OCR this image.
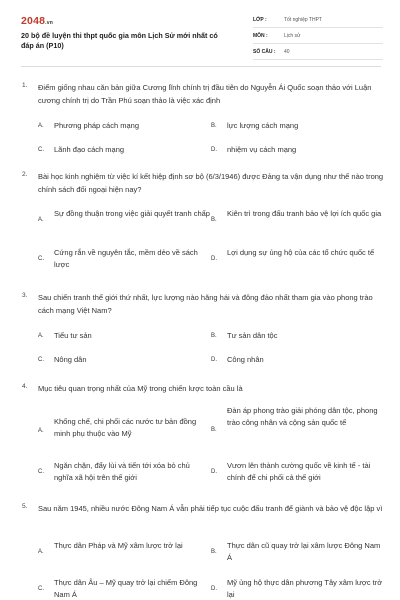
2048.vn
20 bộ đề luyện thi thpt quốc gia môn Lịch Sử mới nhất có đáp án (P10)
LỚP :	Tốt nghiệp THPT
MÔN :	Lịch sử
SỐ CÂU : 40
1. Điểm giống nhau căn bản giữa Cương lĩnh chính trị đầu tiên do Nguyễn Ái Quốc soạn thảo với Luận cương chính trị do Trần Phú soạn thảo là việc xác định
A. Phương pháp cách mạng	B. lực lượng cách mạng
C. Lãnh đạo cách mạng	D. nhiệm vụ cách mạng
2. Bài học kinh nghiệm từ việc kí kết hiệp định sơ bộ (6/3/1946) được Đảng ta vận dụng như thế nào trong chính sách đối ngoại hiện nay?
A.
Sự đồng thuận trong việc giải quyết tranh chấp
B.
Kiên trì trong đấu tranh bảo vệ lợi ích quốc gia
C.
Cứng rắn về nguyên tắc, mềm dẻo về sách lược
D.
Lợi dụng sự ủng hộ của các tổ chức quốc tế
3. Sau chiến tranh thế giới thứ nhất, lực lượng nào hăng hái và đông đảo nhất tham gia vào phong trào cách mạng Việt Nam?
A. Tiểu tư sản	B. Tư sản dân tộc
C. Nông dân	D. Công nhân
4. Mục tiêu quan trọng nhất của Mỹ trong chiến lược toàn cầu là
A.
Khống chế, chi phối các nước tư bản đồng minh phụ thuộc vào Mỹ	B.
Đàn áp phong trào giải phóng dân tộc, phong trào công nhân và cộng sản quốc tế
C.
Ngăn chặn, đẩy lùi và tiến tới xóa bỏ chủ nghĩa xã hội trên thế giới
D.
Vươn lên thành cường quốc về kinh tế - tài chính để chi phối cả thế giới
5. Sau năm 1945, nhiều nước Đông Nam Á vẫn phải tiếp tục cuộc đấu tranh để giành và bảo vệ độc lập vì
A.
Thực dân Pháp và Mỹ xâm lược trở lại
B.
Thực dân cũ quay trở lại xâm lược Đông Nam Á
C.
Thực dân Âu – Mỹ quay trở lại chiếm Đông Nam Á
D.
Mỹ ủng hộ thực dân phương Tây xâm lược trở lại
